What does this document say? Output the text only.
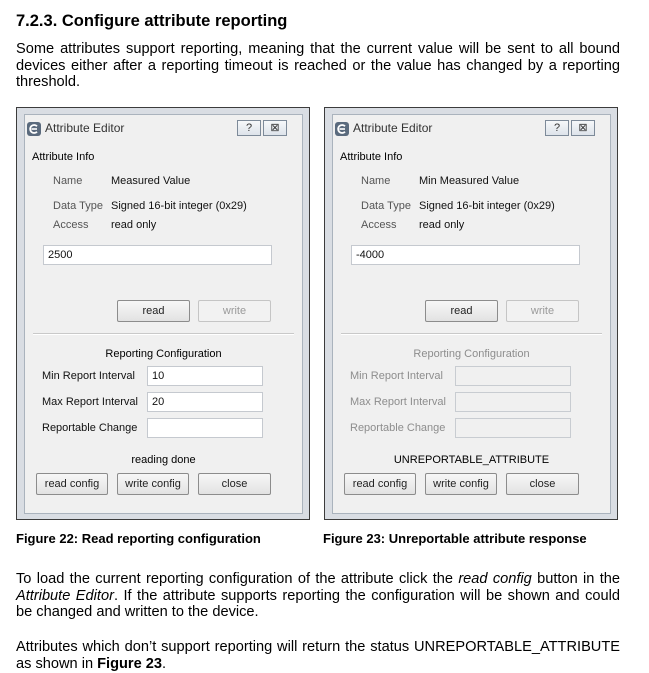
7.2.3. Configure attribute reporting
Some attributes support reporting, meaning that the current value will be sent to all bound devices either after a reporting timeout is reached or the value has changed by a reporting threshold.
Attribute Editor	?	⊠
Attribute Info
Name	Measured Value
Data Type Signed 16-bit integer (0x29)
Access read only
2500
read	write
Reporting Configuration
Min Report Interval	10
Max Report Interval	20
Reportable Change
reading done
read config	write config	close
Attribute Editor	?	⊠
Attribute Info
Name	Min Measured Value
Data Type Signed 16-bit integer (0x29)
Access read only
-4000
read	write
Reporting Configuration
Min Report Interval
Max Report Interval
Reportable Change
UNREPORTABLE_ATTRIBUTE
read config	write config	close
Figure 22: Read reporting configuration	Figure 23: Unreportable attribute response
To load the current reporting configuration of the attribute click the read config button in the Attribute Editor. If the attribute supports reporting the configuration will be shown and could be changed and written to the device.
Attributes which don’t support reporting will return the status UNREPORTABLE_ATTRIBUTE as shown in Figure 23.
